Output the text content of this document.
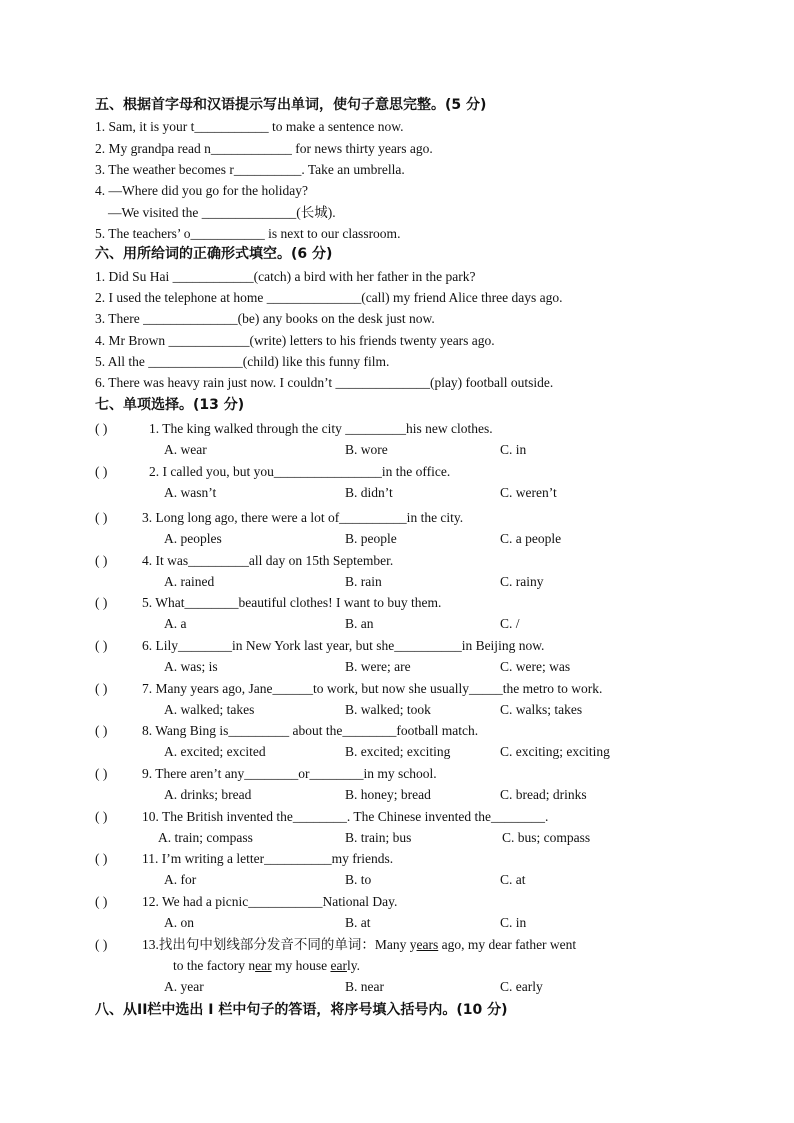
五、根据首字母和汉语提示写出单词，使句子意思完整。(5 分)
1. Sam, it is your t___________ to make a sentence now.
2. My grandpa read n____________ for news thirty years ago.
3. The weather becomes r__________. Take an umbrella.
4. —Where did you go for the holiday?
—We visited the ______________(长城).
5. The teachers’ o___________ is next to our classroom.
六、用所给词的正确形式填空。(6 分)
1. Did Su Hai ____________(catch) a bird with her father in the park?
2. I used the telephone at home ______________(call) my friend Alice three days ago.
3. There ______________(be) any books on the desk just now.
4. Mr Brown ____________(write) letters to his friends twenty years ago.
5. All the ______________(child) like this funny film.
6. There was heavy rain just now. I couldn’t ______________(play) football outside.
七、单项选择。(13 分)
( )	1. The king walked through the city _________his new clothes.
A. wear	B. wore	C. in
( )	2. I called you, but you________________in the office.
A. wasn’t	B. didn’t	C. weren’t
( )	3. Long long ago, there were a lot of__________in the city.
A. peoples	B. people	C. a people
( )	4. It was_________all day on 15th September.
A. rained	B. rain	C. rainy
( )	5. What________beautiful clothes! I want to buy them.
A. a	B. an	C. /
( )	6. Lily________in New York last year, but she__________in Beijing now.
A. was; is	B. were; are	C. were; was
( )	7. Many years ago, Jane______to work, but now she usually_____the metro to work.
A. walked; takes	B. walked; took	C. walks; takes
( )	8. Wang Bing is_________ about the________football match.
A. excited; excited	B. excited; exciting	C. exciting; exciting
( )	9. There aren’t any________or________in my school.
A. drinks; bread	B. honey; bread	C. bread; drinks
( )	10. The British invented the________. The Chinese invented the________.
A. train; compass	B. train; bus	C. bus; compass
( )	11. I’m writing a letter__________my friends.
A. for	B. to	C. at
( )	12. We had a picnic___________National Day.
A. on	B. at	C. in
( )	13.找出句中划线部分发音不同的单词：Many years ago, my dear father went
to the factory near my house early.
A. year	B. near	C. early
八、从II栏中选出 I 栏中句子的答语，将序号填入括号内。(10 分)
